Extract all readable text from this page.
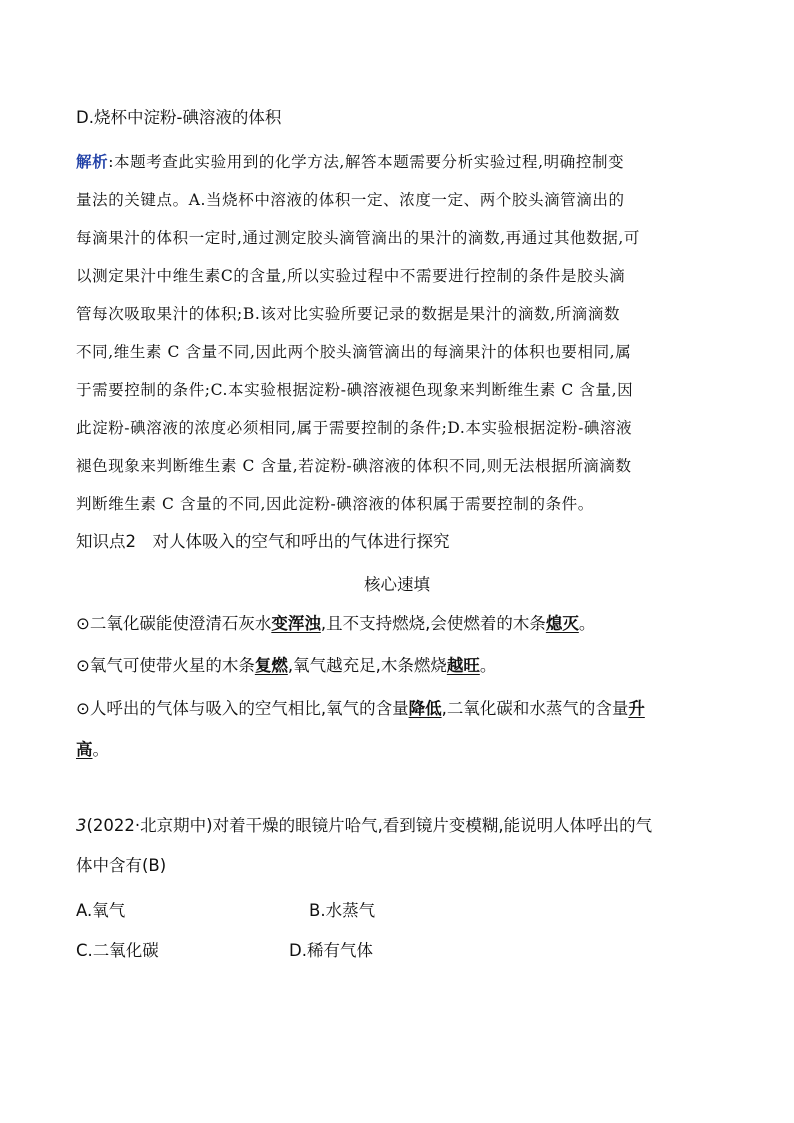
D.烧杯中淀粉-碘溶液的体积
解析:本题考查此实验用到的化学方法,解答本题需要分析实验过程,明确控制变
量法的关键点。A.当烧杯中溶液的体积一定、浓度一定、两个胶头滴管滴出的
每滴果汁的体积一定时,通过测定胶头滴管滴出的果汁的滴数,再通过其他数据,可
以测定果汁中维生素C的含量,所以实验过程中不需要进行控制的条件是胶头滴
管每次吸取果汁的体积;B.该对比实验所要记录的数据是果汁的滴数,所滴滴数
不同,维生素 C 含量不同,因此两个胶头滴管滴出的每滴果汁的体积也要相同,属
于需要控制的条件;C.本实验根据淀粉-碘溶液褪色现象来判断维生素 C 含量,因
此淀粉-碘溶液的浓度必须相同,属于需要控制的条件;D.本实验根据淀粉-碘溶液
褪色现象来判断维生素 C 含量,若淀粉-碘溶液的体积不同,则无法根据所滴滴数
判断维生素 C 含量的不同,因此淀粉-碘溶液的体积属于需要控制的条件。
知识点2　对人体吸入的空气和呼出的气体进行探究
核心速填
⊙二氧化碳能使澄清石灰水变浑浊,且不支持燃烧,会使燃着的木条熄灭。
⊙氧气可使带火星的木条复燃,氧气越充足,木条燃烧越旺。
⊙人呼出的气体与吸入的空气相比,氧气的含量降低,二氧化碳和水蒸气的含量升
高。
3(2022·北京期中)对着干燥的眼镜片哈气,看到镜片变模糊,能说明人体呼出的气
体中含有(B)
A.氧气	B.水蒸气
C.二氧化碳	D.稀有气体
